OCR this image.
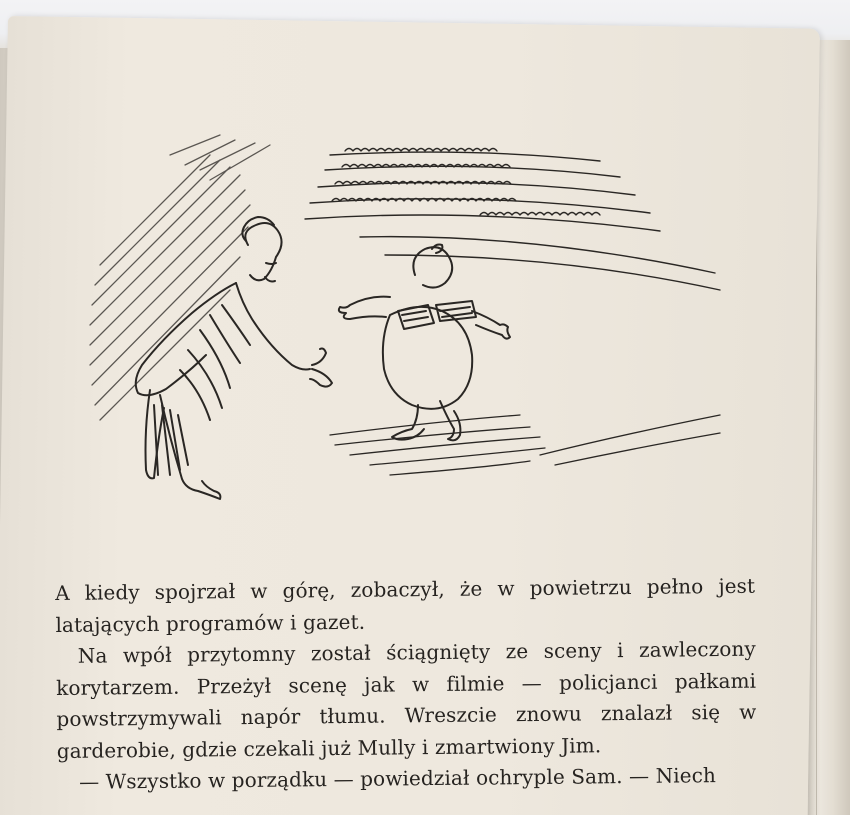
A kiedy spojrzał w górę, zobaczył, że w powietrzu pełno jest latających programów i gazet.

Na wpół przytomny został ściągnięty ze sceny i zawleczony korytarzem. Przeżył scenę jak w filmie — policjanci pałkami powstrzymywali napór tłumu. Wreszcie znowu znalazł się w garderobie, gdzie czekali już Mully i zmartwiony Jim.

— Wszystko w porządku — powiedział ochryple Sam. — Niech
